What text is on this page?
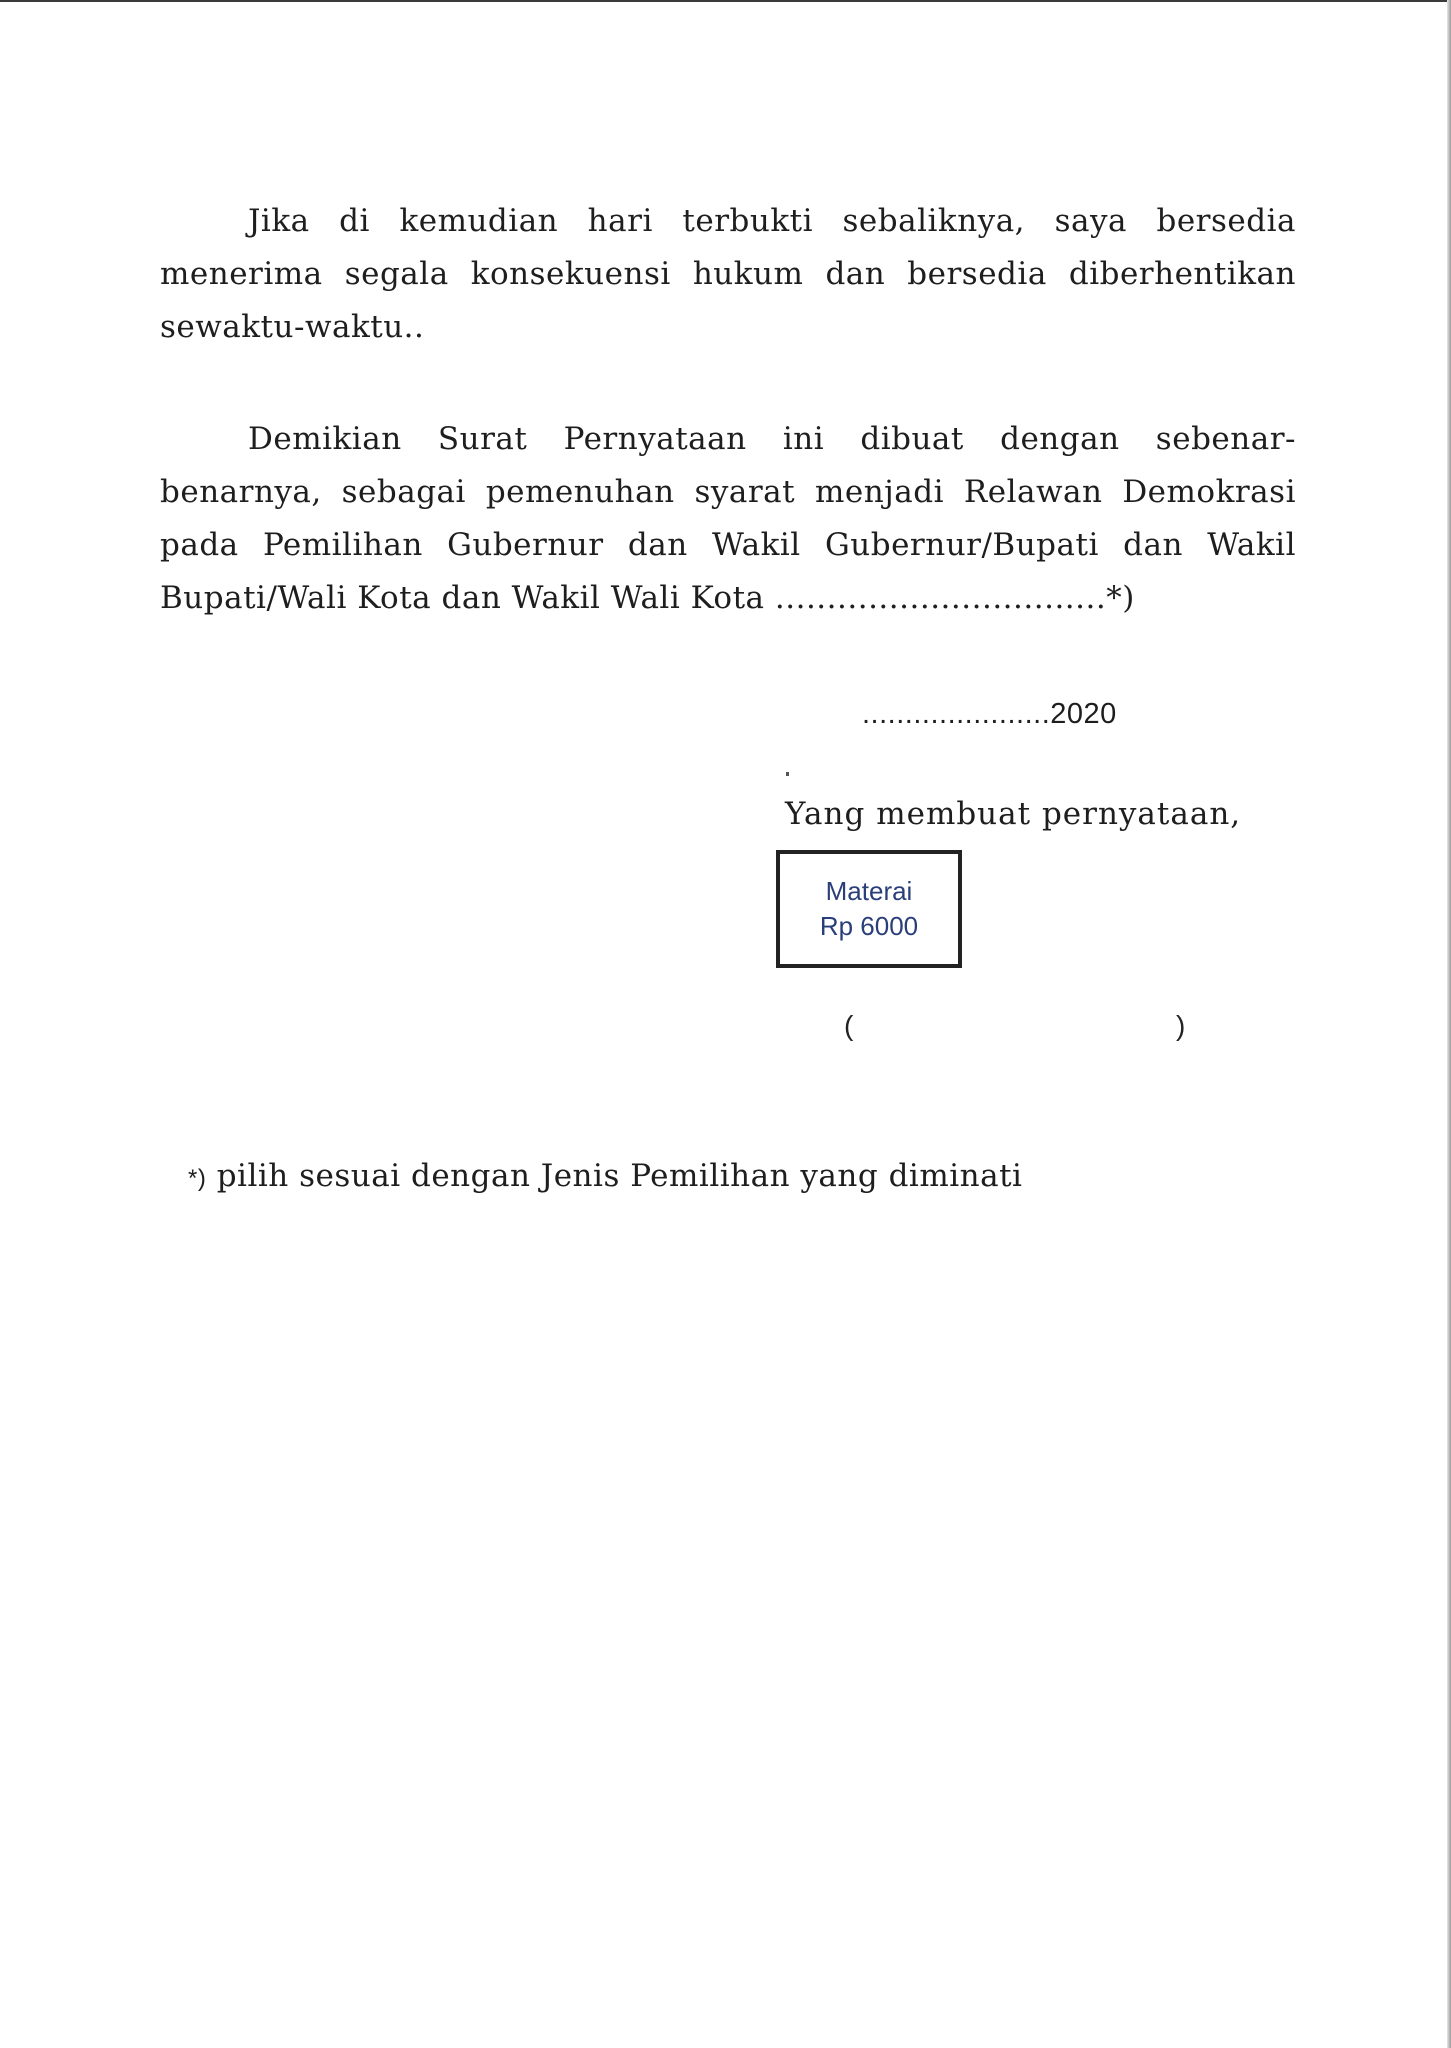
Jika di kemudian hari terbukti sebaliknya, saya bersedia menerima segala konsekuensi hukum dan bersedia diberhentikan sewaktu-waktu..

Demikian Surat Pernyataan ini dibuat dengan sebenar-benarnya, sebagai pemenuhan syarat menjadi Relawan Demokrasi pada Pemilihan Gubernur dan Wakil Gubernur/Bupati dan Wakil Bupati/Wali Kota dan Wakil Wali Kota ................................*)

......................2020
Yang membuat pernyataan,
Materai
Rp 6000
(	)
*) pilih sesuai dengan Jenis Pemilihan yang diminati
